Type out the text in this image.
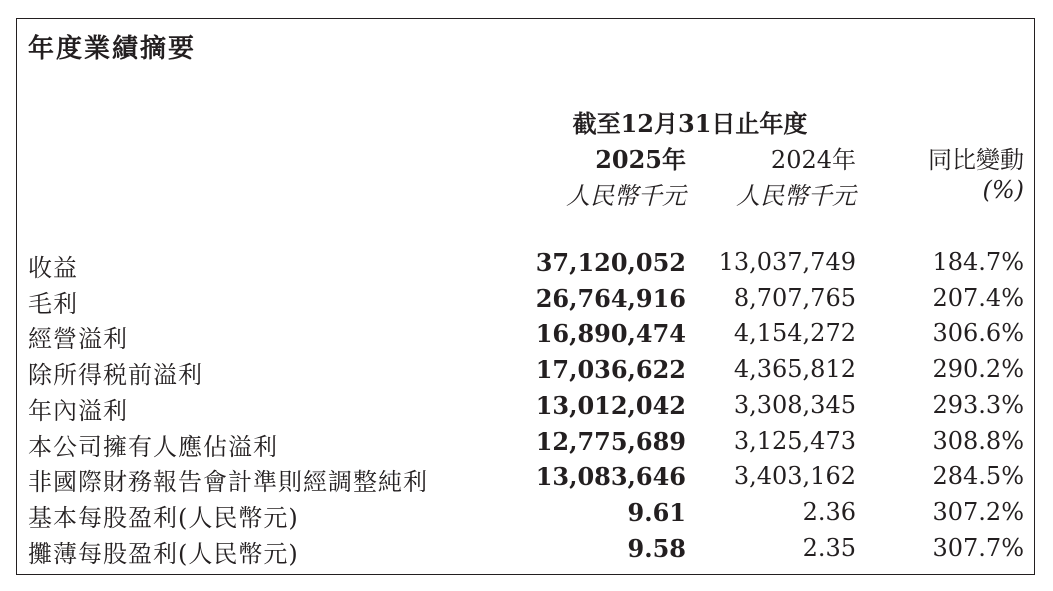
年度業績摘要
截至12月31日止年度
2025年	2024年	同比變動
人民幣千元 人民幣千元	(%)
收益	37,120,052 13,037,749	184.7%
毛利	26,764,916 8,707,765	207.4%
經營溢利	16,890,474 4,154,272	306.6%
除所得税前溢利	17,036,622 4,365,812	290.2%
年內溢利	13,012,042 3,308,345	293.3%
本公司擁有人應佔溢利	12,775,689 3,125,473	308.8%
非國際財務報告會計準則經調整純利	13,083,646 3,403,162	284.5%
基本每股盈利(人民幣元)	9.61	2.36	307.2%
攤薄每股盈利(人民幣元)	9.58	2.35	307.7%
